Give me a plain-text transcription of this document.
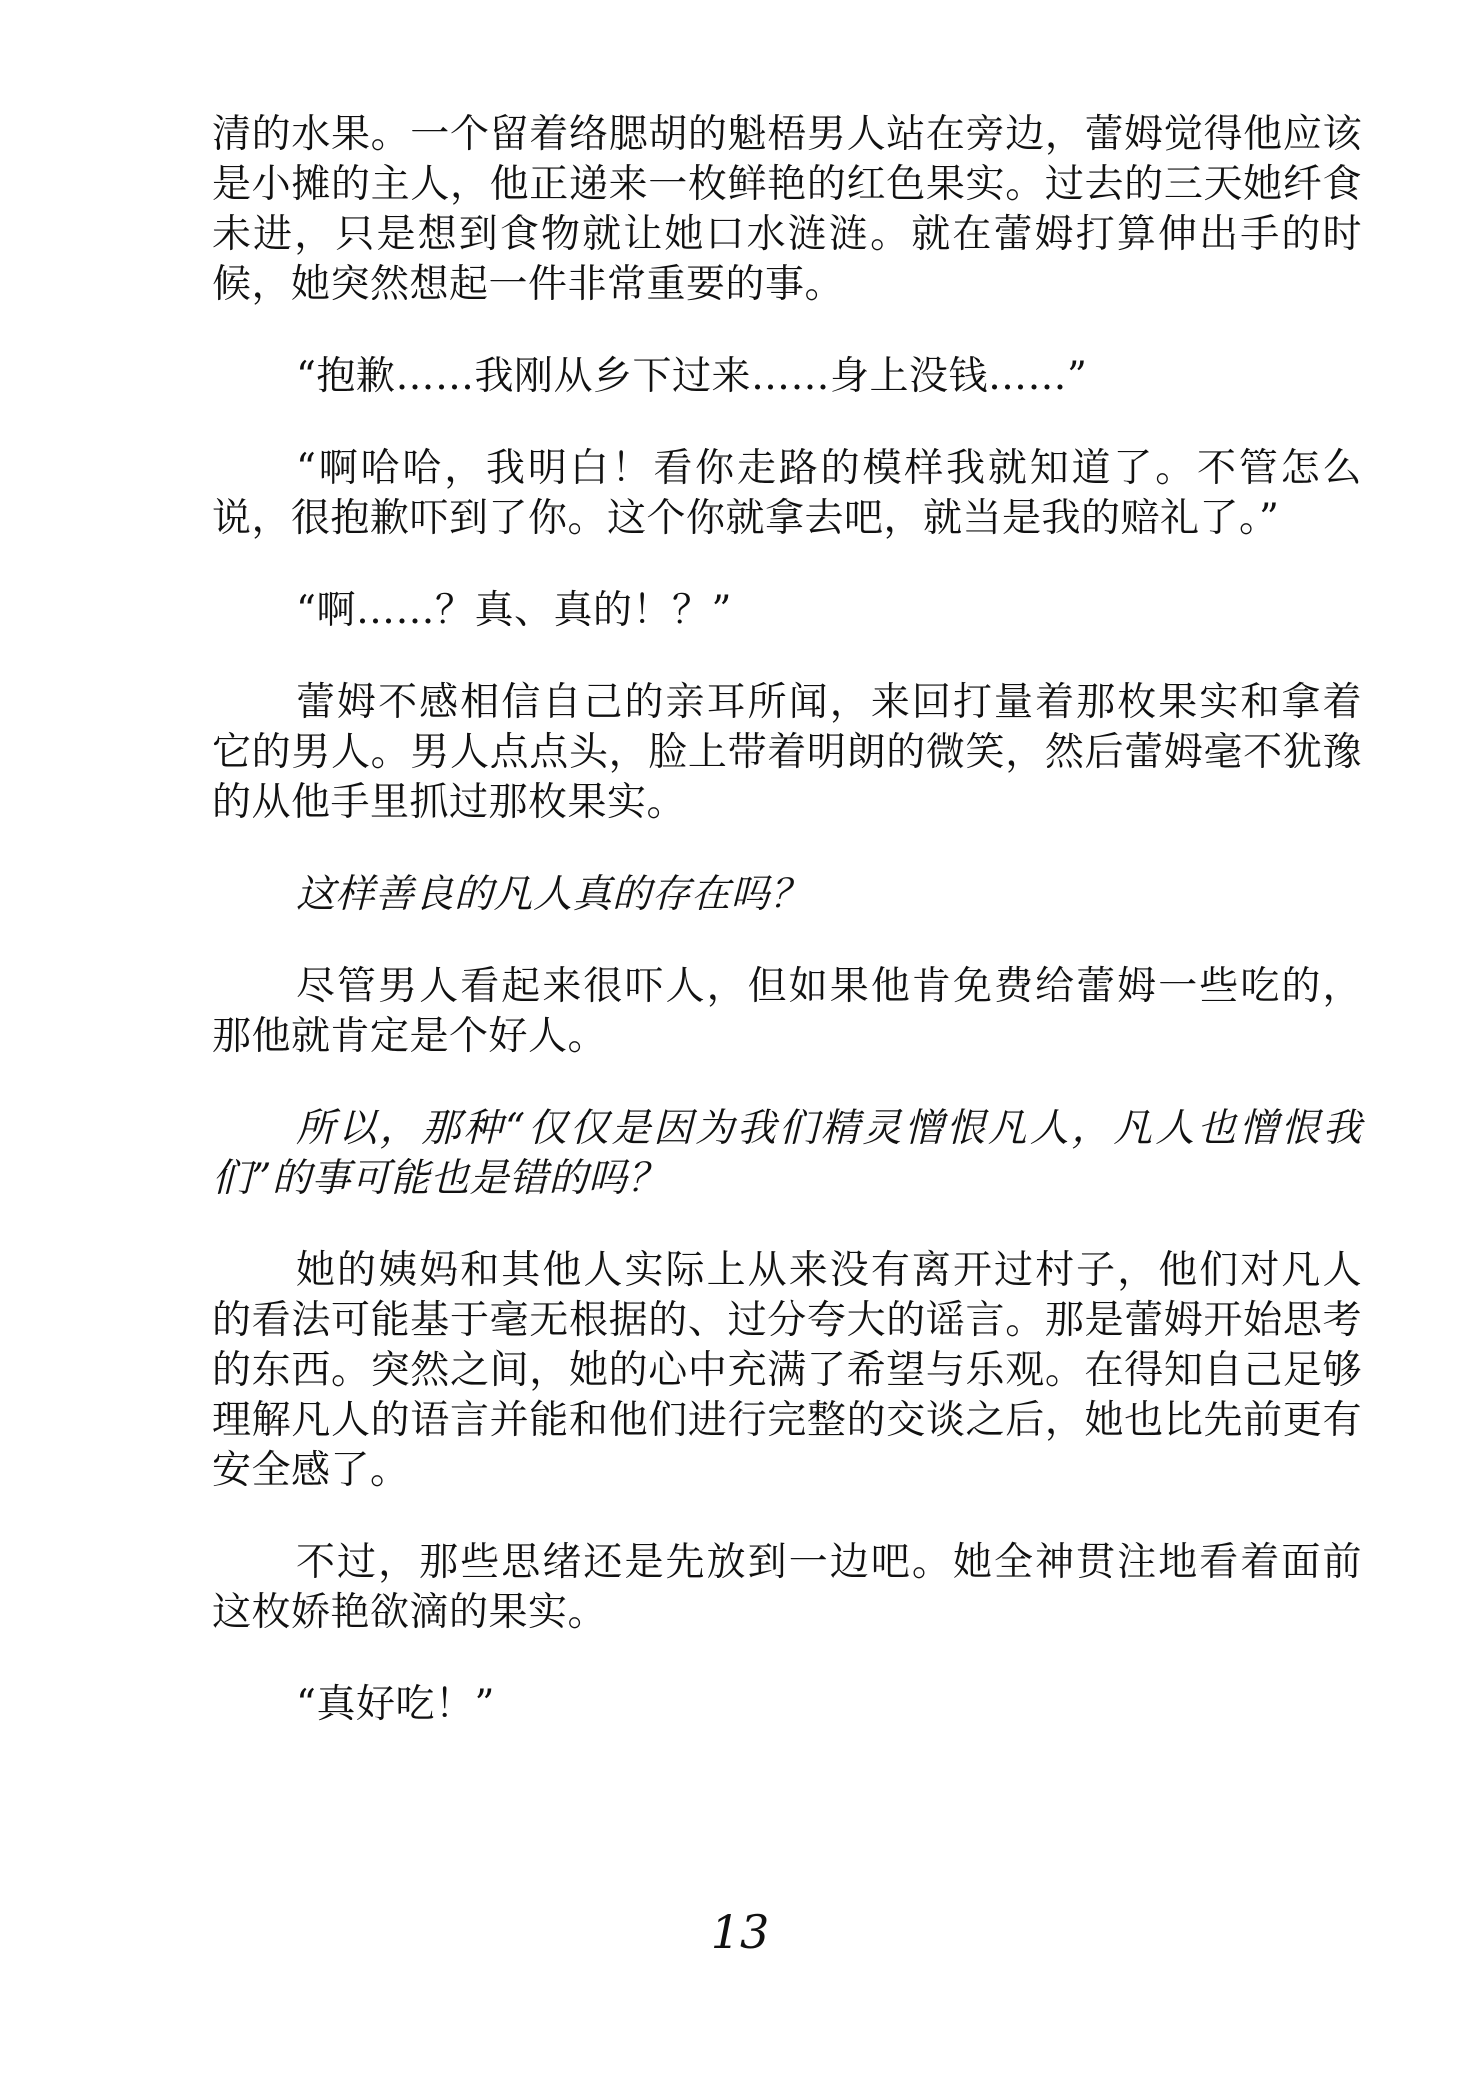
清的水果。一个留着络腮胡的魁梧男人站在旁边，蕾姆觉得他应该是小摊的主人，他正递来一枚鲜艳的红色果实。过去的三天她纤食未进，只是想到食物就让她口水涟涟。就在蕾姆打算伸出手的时候，她突然想起一件非常重要的事。

“抱歉……我刚从乡下过来……身上没钱……”

“啊哈哈，我明白！看你走路的模样我就知道了。不管怎么说，很抱歉吓到了你。这个你就拿去吧，就当是我的赔礼了。”

“啊……？真、真的！？”

蕾姆不感相信自己的亲耳所闻，来回打量着那枚果实和拿着它的男人。男人点点头，脸上带着明朗的微笑，然后蕾姆毫不犹豫的从他手里抓过那枚果实。

这样善良的凡人真的存在吗？

尽管男人看起来很吓人，但如果他肯免费给蕾姆一些吃的，那他就肯定是个好人。

所以，那种“仅仅是因为我们精灵憎恨凡人，凡人也憎恨我们”的事可能也是错的吗？

她的姨妈和其他人实际上从来没有离开过村子，他们对凡人的看法可能基于毫无根据的、过分夸大的谣言。那是蕾姆开始思考的东西。突然之间，她的心中充满了希望与乐观。在得知自己足够理解凡人的语言并能和他们进行完整的交谈之后，她也比先前更有安全感了。

不过，那些思绪还是先放到一边吧。她全神贯注地看着面前这枚娇艳欲滴的果实。

“真好吃！”

13
